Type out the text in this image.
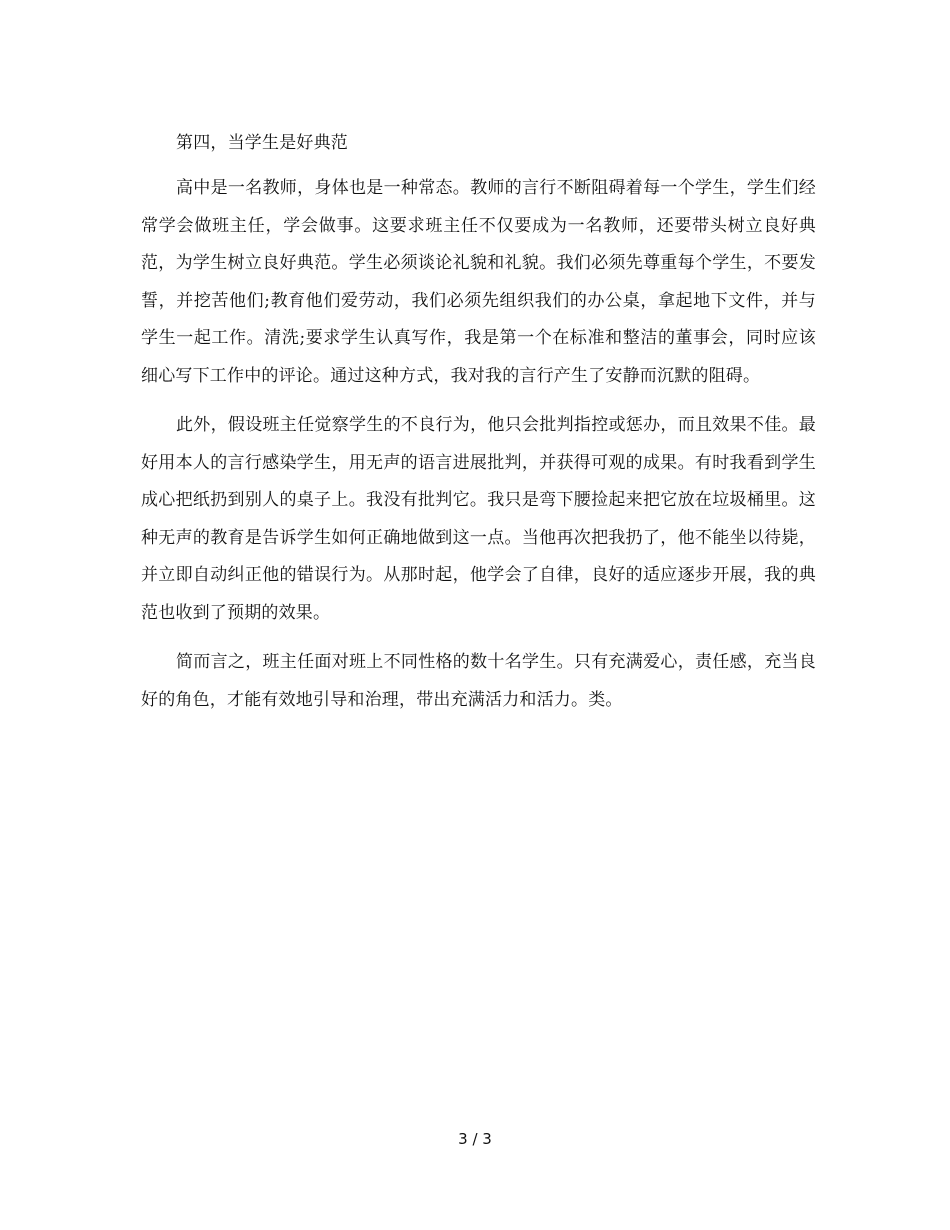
第四，当学生是好典范

高中是一名教师，身体也是一种常态。教师的言行不断阻碍着每一个学生，学生们经常学会做班主任，学会做事。这要求班主任不仅要成为一名教师，还要带头树立良好典范，为学生树立良好典范。学生必须谈论礼貌和礼貌。我们必须先尊重每个学生，不要发誓，并挖苦他们;教育他们爱劳动，我们必须先组织我们的办公桌，拿起地下文件，并与学生一起工作。清洗;要求学生认真写作，我是第一个在标准和整洁的董事会，同时应该细心写下工作中的评论。通过这种方式，我对我的言行产生了安静而沉默的阻碍。

此外，假设班主任觉察学生的不良行为，他只会批判指控或惩办，而且效果不佳。最好用本人的言行感染学生，用无声的语言进展批判，并获得可观的成果。有时我看到学生成心把纸扔到别人的桌子上。我没有批判它。我只是弯下腰捡起来把它放在垃圾桶里。这种无声的教育是告诉学生如何正确地做到这一点。当他再次把我扔了，他不能坐以待毙，并立即自动纠正他的错误行为。从那时起，他学会了自律，良好的适应逐步开展，我的典范也收到了预期的效果。

简而言之，班主任面对班上不同性格的数十名学生。只有充满爱心，责任感，充当良好的角色，才能有效地引导和治理，带出充满活力和活力。类。

3 / 3
